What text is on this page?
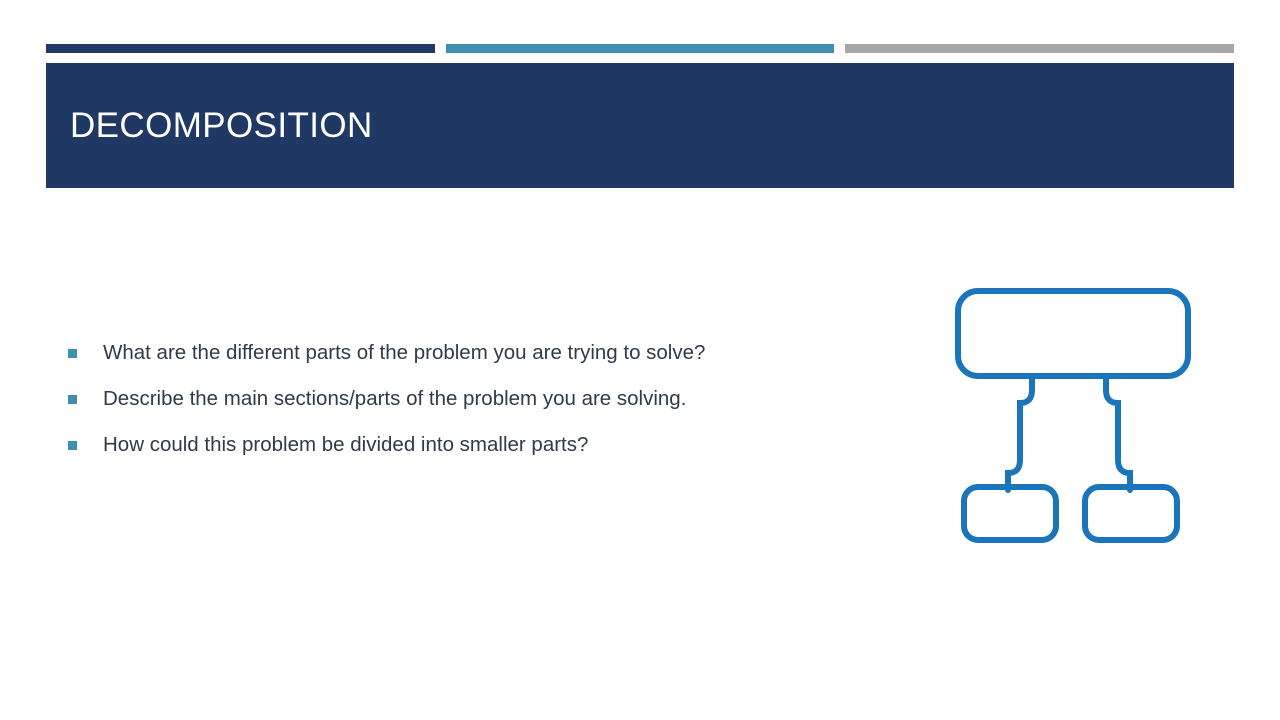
DECOMPOSITION
What are the different parts of the problem you are trying to solve?
Describe the main sections/parts of the problem you are solving.
How could this problem be divided into smaller parts?
